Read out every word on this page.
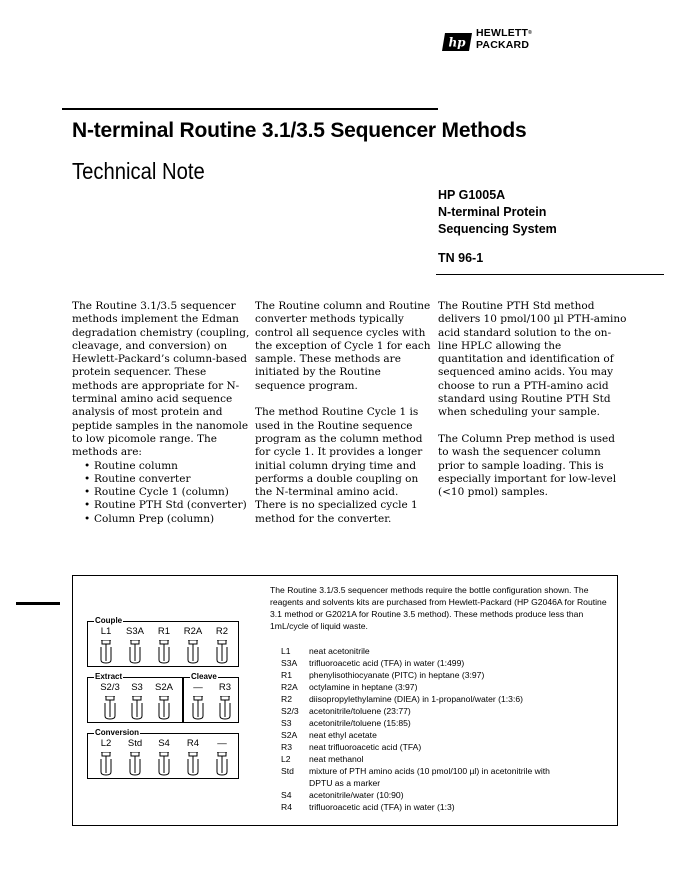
hp
HEWLETT®
PACKARD
N-terminal Routine 3.1/3.5 Sequencer Methods
Technical Note
HP G1005A
N-terminal Protein
Sequencing System
TN 96-1

The Routine 3.1/3.5 sequencer methods implement the Edman degradation chemistry (coupling, cleavage, and conversion) on Hewlett-Packard’s column-based protein sequencer. These methods are appropriate for N-terminal amino acid sequence analysis of most protein and peptide samples in the nanomole to low picomole range. The methods are:

• Routine column
• Routine converter
• Routine Cycle 1 (column)
• Routine PTH Std (converter)
• Column Prep (column)

The Routine column and Routine converter methods typically control all sequence cycles with the exception of Cycle 1 for each sample. These methods are initiated by the Routine sequence program.

The method Routine Cycle 1 is used in the Routine sequence program as the column method for cycle 1. It provides a longer initial column drying time and performs a double coupling on the N-terminal amino acid. There is no specialized cycle 1 method for the converter.

The Routine PTH Std method delivers 10 pmol/100 µl PTH-amino acid standard solution to the on-line HPLC allowing the quantitation and identification of sequenced amino acids. You may choose to run a PTH-amino acid standard using Routine PTH Std when scheduling your sample.

The Column Prep method is used to wash the sequencer column prior to sample loading. This is especially important for low-level (<10 pmol) samples.

Couple
L1	S3A	R1	R2A	R2
Extract
S2/3	S3	S2A
Cleave
—	R3
Conversion
L2	Std	S4	R4	—
The Routine 3.1/3.5 sequencer methods require the bottle configuration shown. The reagents and solvents kits are purchased from Hewlett-Packard (HP G2046A for Routine 3.1 method or G2021A for Routine 3.5 method). These methods produce less than 1mL/cycle of liquid waste.
L1	neat acetonitrile
S3A	trifluoroacetic acid (TFA) in water (1:499)
R1	phenylisothiocyanate (PITC) in heptane (3:97)
R2A	octylamine in heptane (3:97)
R2	diisopropylethylamine (DIEA) in 1-propanol/water (1:3:6)
S2/3	acetonitrile/toluene (23:77)
S3	acetonitrile/toluene (15:85)
S2A	neat ethyl acetate
R3	neat trifluoroacetic acid (TFA)
L2	neat methanol
Std	mixture of PTH amino acids (10 pmol/100 µl) in acetonitrile with DPTU as a marker
S4	acetonitrile/water (10:90)
R4	trifluoroacetic acid (TFA) in water (1:3)
